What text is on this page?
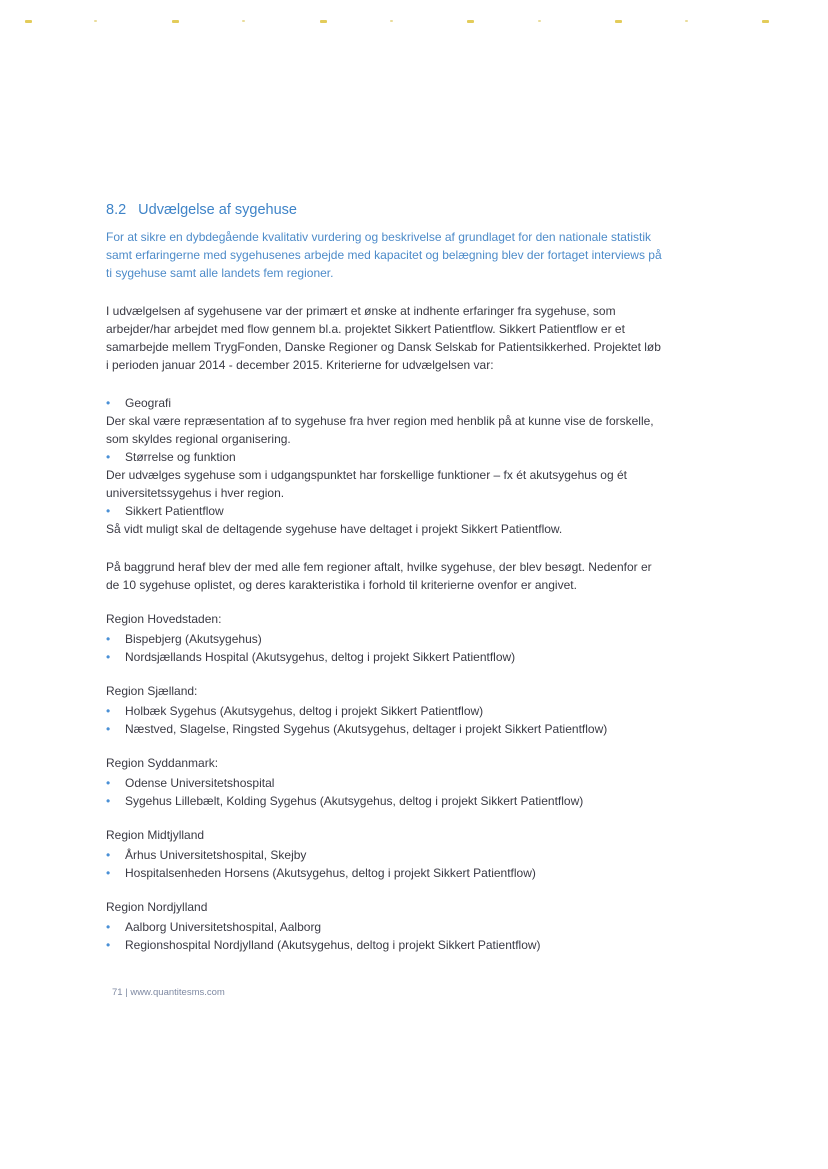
8.2 Udvælgelse af sygehuse

For at sikre en dybdegående kvalitativ vurdering og beskrivelse af grundlaget for den nationale statistik samt erfaringerne med sygehusenes arbejde med kapacitet og belægning blev der fortaget interviews på ti sygehuse samt alle landets fem regioner.

I udvælgelsen af sygehusene var der primært et ønske at indhente erfaringer fra sygehuse, som arbejder/har arbejdet med flow gennem bl.a. projektet Sikkert Patientflow. Sikkert Patientflow er et samarbejde mellem TrygFonden, Danske Regioner og Dansk Selskab for Patientsikkerhed. Projektet løb i perioden januar 2014 - december 2015. Kriterierne for udvælgelsen var:

•	Geografi

Der skal være repræsentation af to sygehuse fra hver region med henblik på at kunne vise de forskelle, som skyldes regional organisering.

•	Størrelse og funktion

Der udvælges sygehuse som i udgangspunktet har forskellige funktioner – fx ét akutsygehus og ét universitetssygehus i hver region.

•	Sikkert Patientflow

Så vidt muligt skal de deltagende sygehuse have deltaget i projekt Sikkert Patientflow.

På baggrund heraf blev der med alle fem regioner aftalt, hvilke sygehuse, der blev besøgt. Nedenfor er de 10 sygehuse oplistet, og deres karakteristika i forhold til kriterierne ovenfor er angivet.

Region Hovedstaden:
•	Bispebjerg (Akutsygehus)
•	Nordsjællands Hospital (Akutsygehus, deltog i projekt Sikkert Patientflow)
Region Sjælland:
•	Holbæk Sygehus (Akutsygehus, deltog i projekt Sikkert Patientflow)
•	Næstved, Slagelse, Ringsted Sygehus (Akutsygehus, deltager i projekt Sikkert Patientflow)
Region Syddanmark:
•	Odense Universitetshospital
•	Sygehus Lillebælt, Kolding Sygehus (Akutsygehus, deltog i projekt Sikkert Patientflow)
Region Midtjylland
•	Århus Universitetshospital, Skejby
•	Hospitalsenheden Horsens (Akutsygehus, deltog i projekt Sikkert Patientflow)
Region Nordjylland
•	Aalborg Universitetshospital, Aalborg
•	Regionshospital Nordjylland (Akutsygehus, deltog i projekt Sikkert Patientflow)
71 | www.quantitesms.com
